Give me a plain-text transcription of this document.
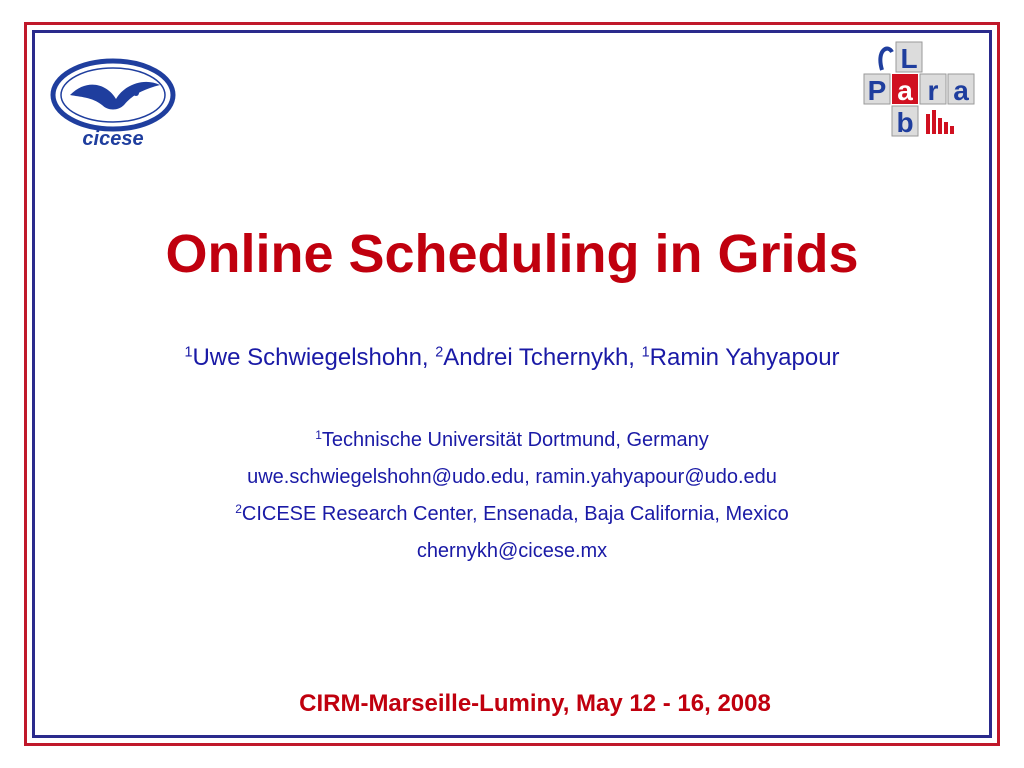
cicese
L
P a r a
b
Online Scheduling in Grids
$^1$Uwe Schwiegelshohn, $^2$Andrei Tchernykh, $^1$Ramin Yahyapour
$^1$Technische Universität Dortmund, Germany
uwe.schwiegelshohn@udo.edu, ramin.yahyapour@udo.edu
$^2$CICESE Research Center, Ensenada, Baja California, Mexico
chernykh@cicese.mx
CIRM-Marseille-Luminy, May 12 - 16, 2008
